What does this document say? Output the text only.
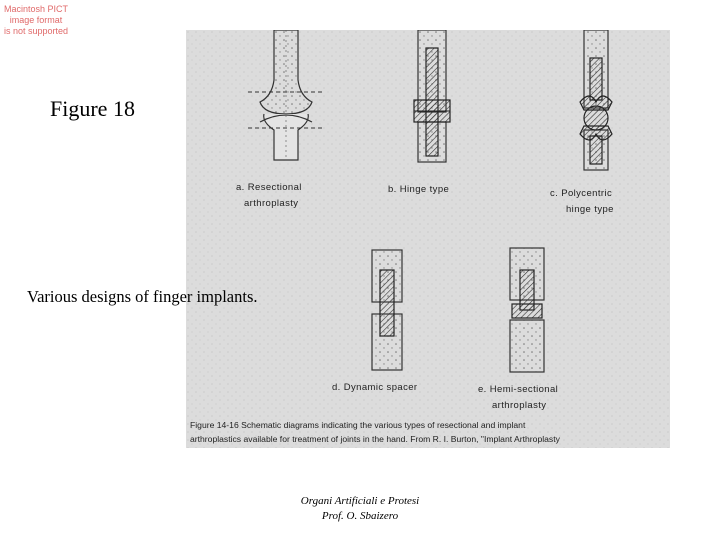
Macintosh PICT
image format
is not supported
Figure 18
a. Resectional
arthroplasty
b. Hinge type	c. Polycentric
hinge type
d. Dynamic spacer	e. Hemi-sectional
arthroplasty
Figure 14-16 Schematic diagrams indicating the various types of resectional and implant
arthroplastics available for treatment of joints in the hand. From R. I. Burton, "Implant Arthroplasty
Various designs of finger implants.
Organi Artificiali e Protesi
Prof. O. Sbaizero
